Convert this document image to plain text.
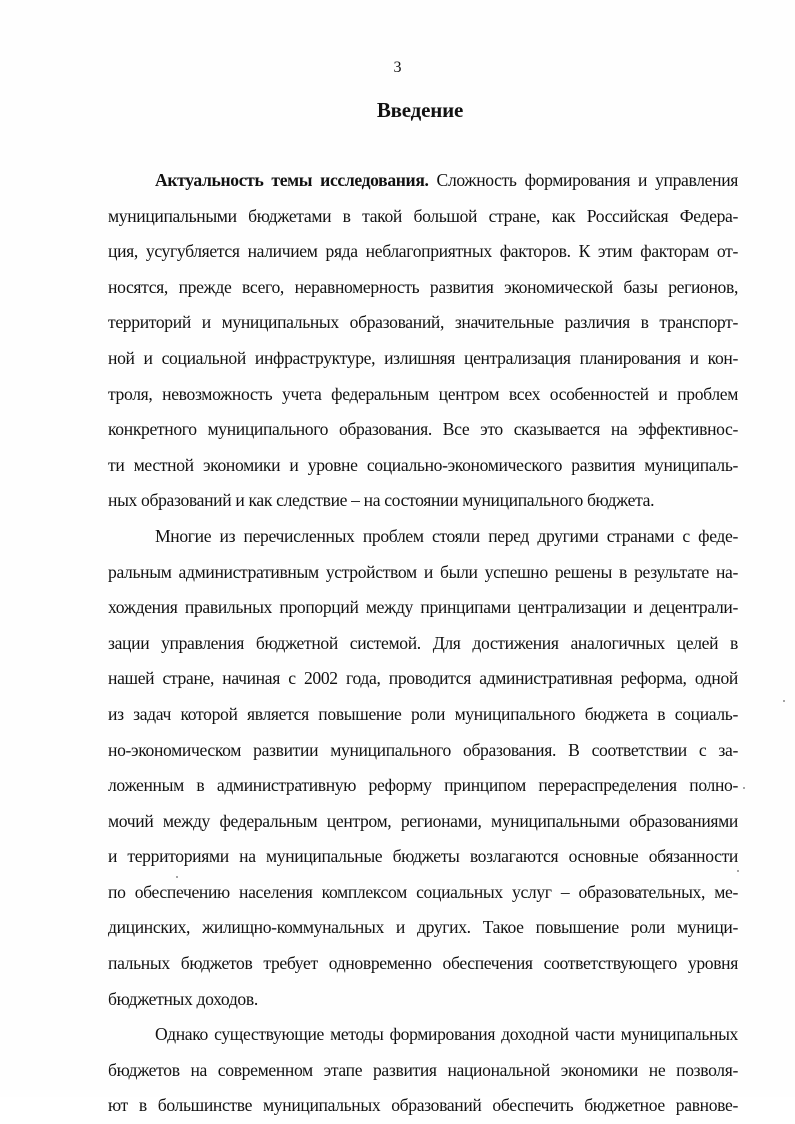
3
Введение
Актуальность темы исследования. Сложность формирования и управления
муниципальными бюджетами в такой большой стране, как Российская Федера-
ция, усугубляется наличием ряда неблагоприятных факторов. К этим факторам от-
носятся, прежде всего, неравномерность развития экономической базы регионов,
территорий и муниципальных образований, значительные различия в транспорт-
ной и социальной инфраструктуре, излишняя централизация планирования и кон-
троля, невозможность учета федеральным центром всех особенностей и проблем
конкретного муниципального образования. Все это сказывается на эффективнос-
ти местной экономики и уровне социально-экономического развития муниципаль-
ных образований и как следствие – на состоянии муниципального бюджета.
Многие из перечисленных проблем стояли перед другими странами с феде-
ральным административным устройством и были успешно решены в результате на-
хождения правильных пропорций между принципами централизации и децентрали-
зации управления бюджетной системой. Для достижения аналогичных целей в
нашей стране, начиная с 2002 года, проводится административная реформа, одной
из задач которой является повышение роли муниципального бюджета в социаль-
но-экономическом развитии муниципального образования. В соответствии с за-
ложенным в административную реформу принципом перераспределения полно-
мочий между федеральным центром, регионами, муниципальными образованиями
и территориями на муниципальные бюджеты возлагаются основные обязанности
по обеспечению населения комплексом социальных услуг – образовательных, ме-
дицинских, жилищно-коммунальных и других. Такое повышение роли муници-
пальных бюджетов требует одновременно обеспечения соответствующего уровня
бюджетных доходов.
Однако существующие методы формирования доходной части муниципальных
бюджетов на современном этапе развития национальной экономики не позволя-
ют в большинстве муниципальных образований обеспечить бюджетное равнове-
